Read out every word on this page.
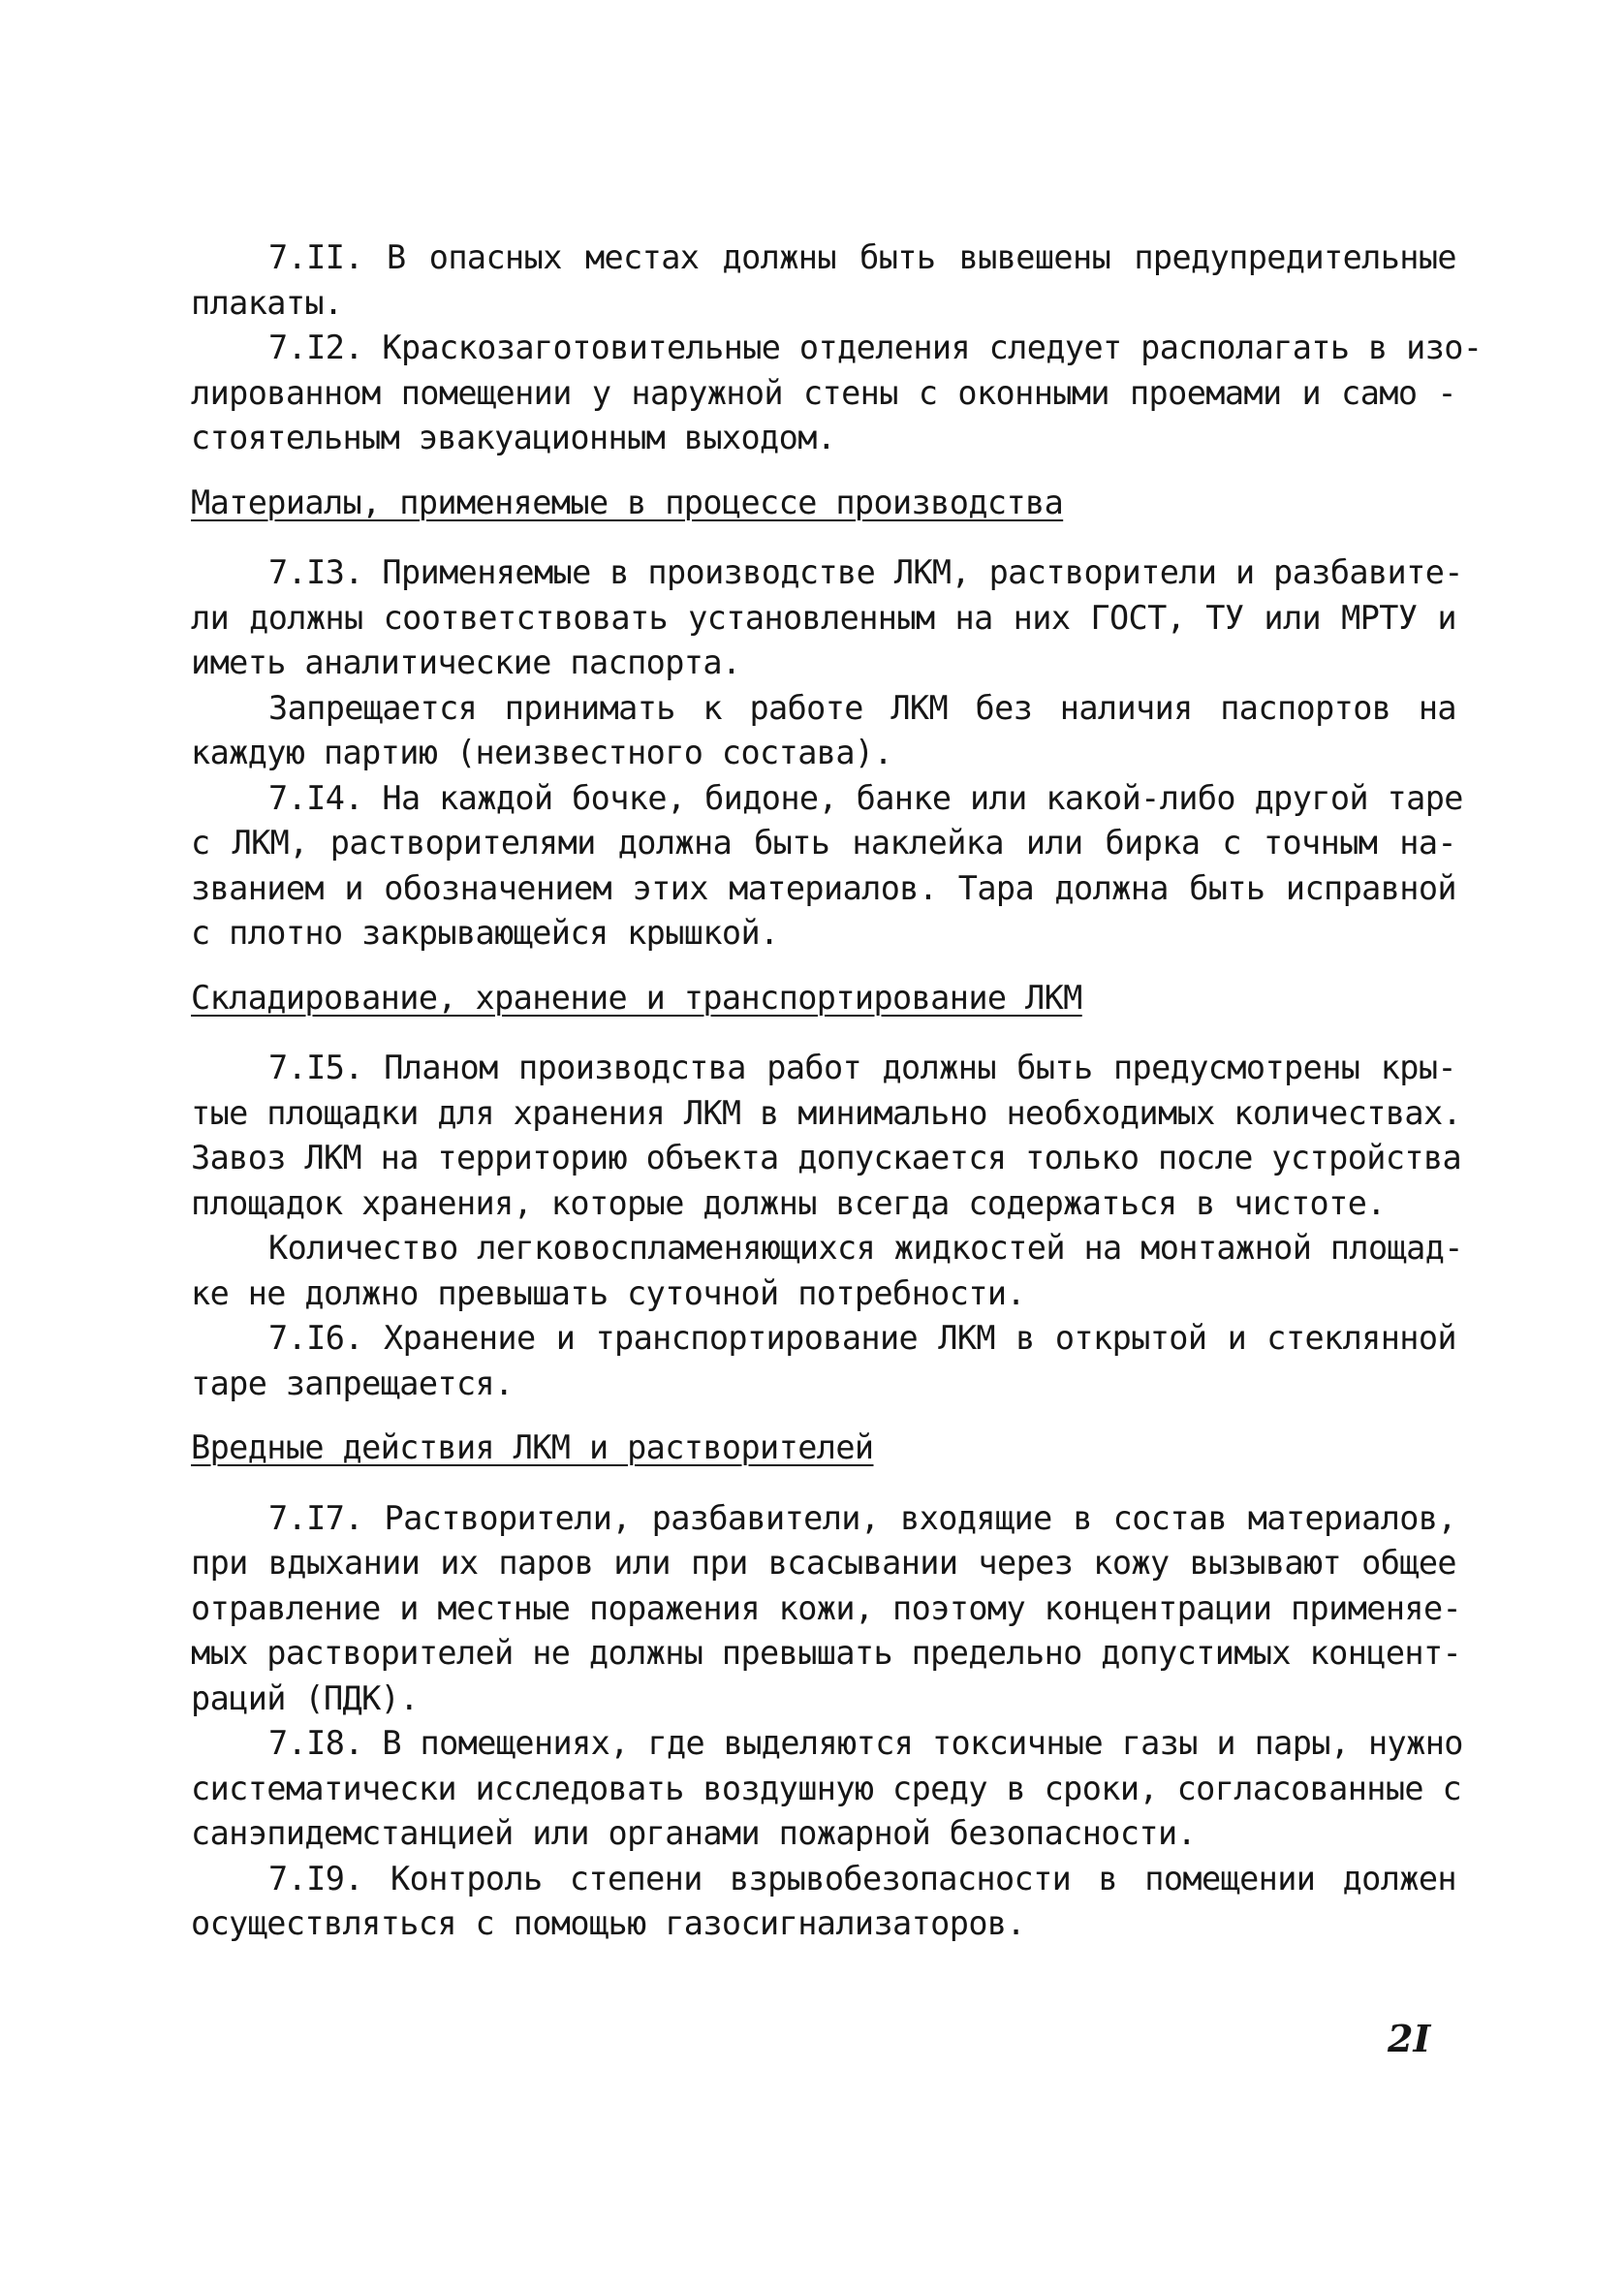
7.II. В опасных местах должны быть вывешены предупредительные
плакаты.
7.I2. Краскозаготовительные отделения следует располагать в изо-
лированном помещении у наружной стены с оконными проемами и само -
стоятельным эвакуационным выходом.
Материалы, применяемые в процессе производства
7.I3. Применяемые в производстве ЛКМ, растворители и разбавите-
ли должны соответствовать установленным на них ГОСТ, ТУ или МРТУ и
иметь аналитические паспорта.
Запрещается принимать к работе ЛКМ без наличия паспортов на
каждую партию (неизвестного состава).
7.I4. На каждой бочке, бидоне, банке или какой-либо другой таре
с ЛКМ, растворителями должна быть наклейка или бирка с точным на-
званием и обозначением этих материалов. Тара должна быть исправной
с плотно закрывающейся крышкой.
Складирование, хранение и транспортирование ЛКМ
7.I5. Планом производства работ должны быть предусмотрены кры-
тые площадки для хранения ЛКМ в минимально необходимых количествах.
Завоз ЛКМ на территорию объекта допускается только после устройства
площадок хранения, которые должны всегда содержаться в чистоте.
Количество легковоспламеняющихся жидкостей на монтажной площад-
ке не должно превышать суточной потребности.
7.I6. Хранение и транспортирование ЛКМ в открытой и стеклянной
таре запрещается.
Вредные действия ЛКМ и растворителей
7.I7. Растворители, разбавители, входящие в состав материалов,
при вдыхании их паров или при всасывании через кожу вызывают общее
отравление и местные поражения кожи, поэтому концентрации применяе-
мых растворителей не должны превышать предельно допустимых концент-
раций (ПДК).
7.I8. В помещениях, где выделяются токсичные газы и пары, нужно
систематически исследовать воздушную среду в сроки, согласованные с
санэпидемстанцией или органами пожарной безопасности.
7.I9. Контроль степени взрывобезопасности в помещении должен
осуществляться с помощью газосигнализаторов.
2I
